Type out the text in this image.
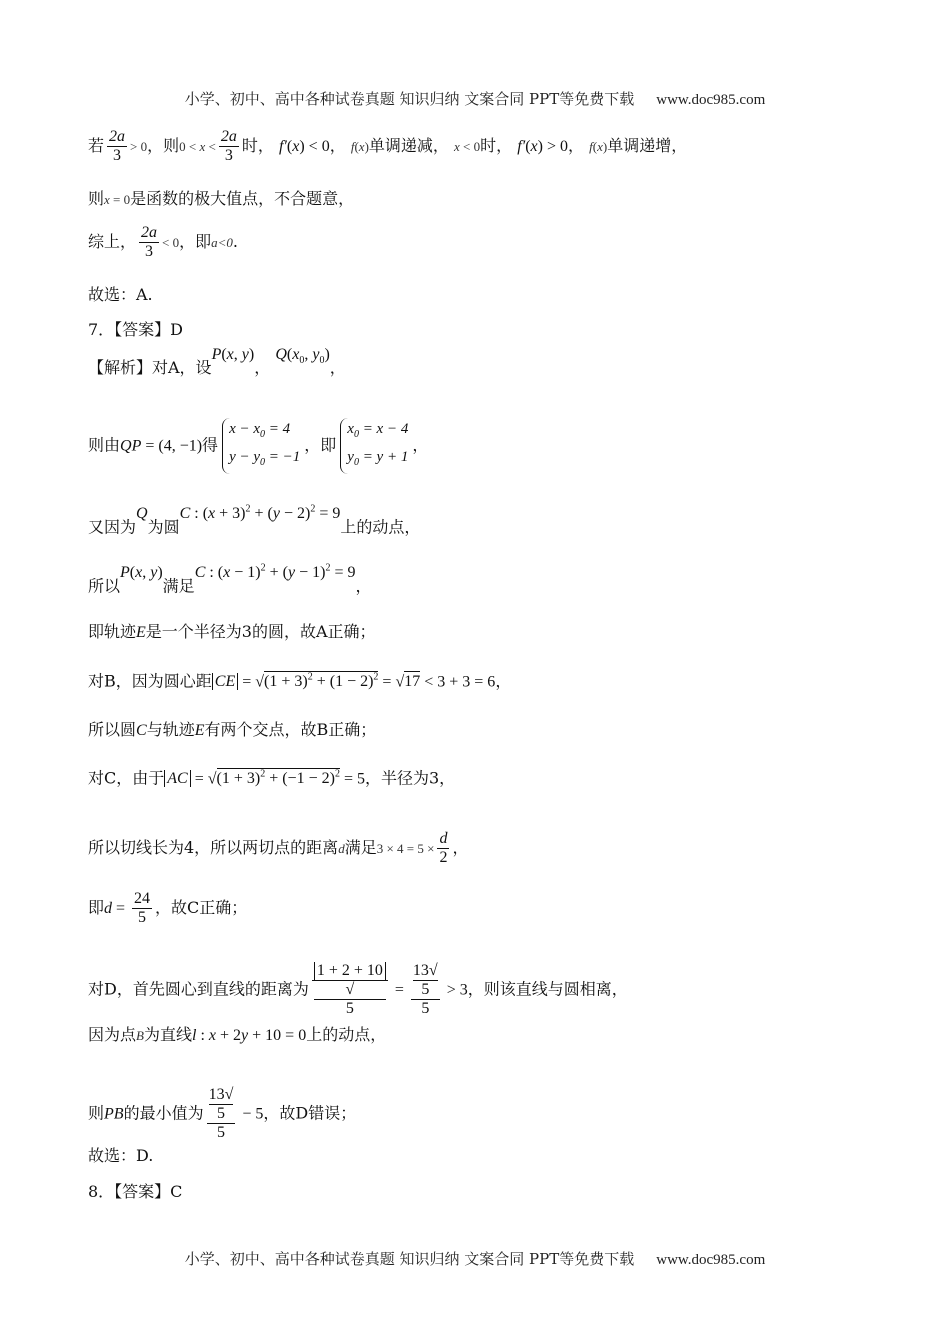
小学、初中、高中各种试卷真题 知识归纳 文案合同 PPT等免费下载 www.doc985.com
若 $\frac{2a}{3} > 0$，则$0 < x < \frac{2a}{3}$ 时， f′(x) < 0， f(x)单调递减， x < 0时， f′(x) > 0， f(x)单调递增，
则x = 0是函数的极大值点，不合题意，
综上， $\frac{2a}{3} < 0$，即a<0.
故选：A.
7．【答案】D
【解析】对A，设P(x, y)， $Q(x_0$, $y_0$)，
则由QP = (4, −1)得
$x - x_0 = 4$
$y - y_0 = -1$
，即
$x_0 = x - 4$
$y_0 = y + 1$
，
又因为Q为圆C : $(x + 3)^2 + (y - 2)^2 = 9$上的动点，
所以P(x, y)满足C : $(x - 1)^2 + (y - 1)^2 = 9$，
即轨迹E是一个半径为3的圆，故A正确；
对B，因为圆心距 CE = $√(1 + 3)^2 + (1 - 2)^2 = √17 < 3 + 3 = 6$，
所以圆C与轨迹E有两个交点，故B正确；
对C，由于 AC = $√(1 + 3)^2 + (-1 - 2)^2 = 5$，半径为3，
所以切线长为4，所以两切点的距离d满足$3 \times 4 = 5 \times \frac{d}{2}$ ，
即$d = \frac{24}{5}$ ，故C正确；
对D，首先圆心到直线的距离为 1 + 2 + 10
√
5 = 13√
5
5 > 3，则该直线与圆相离，
因为点B为直线l : x + 2y + 10 = 0上的动点，
则PB的最小值为 13√
5
5 − 5，故D错误；
故选：D.
8．【答案】C
小学、初中、高中各种试卷真题 知识归纳 文案合同 PPT等免费下载 www.doc985.com
